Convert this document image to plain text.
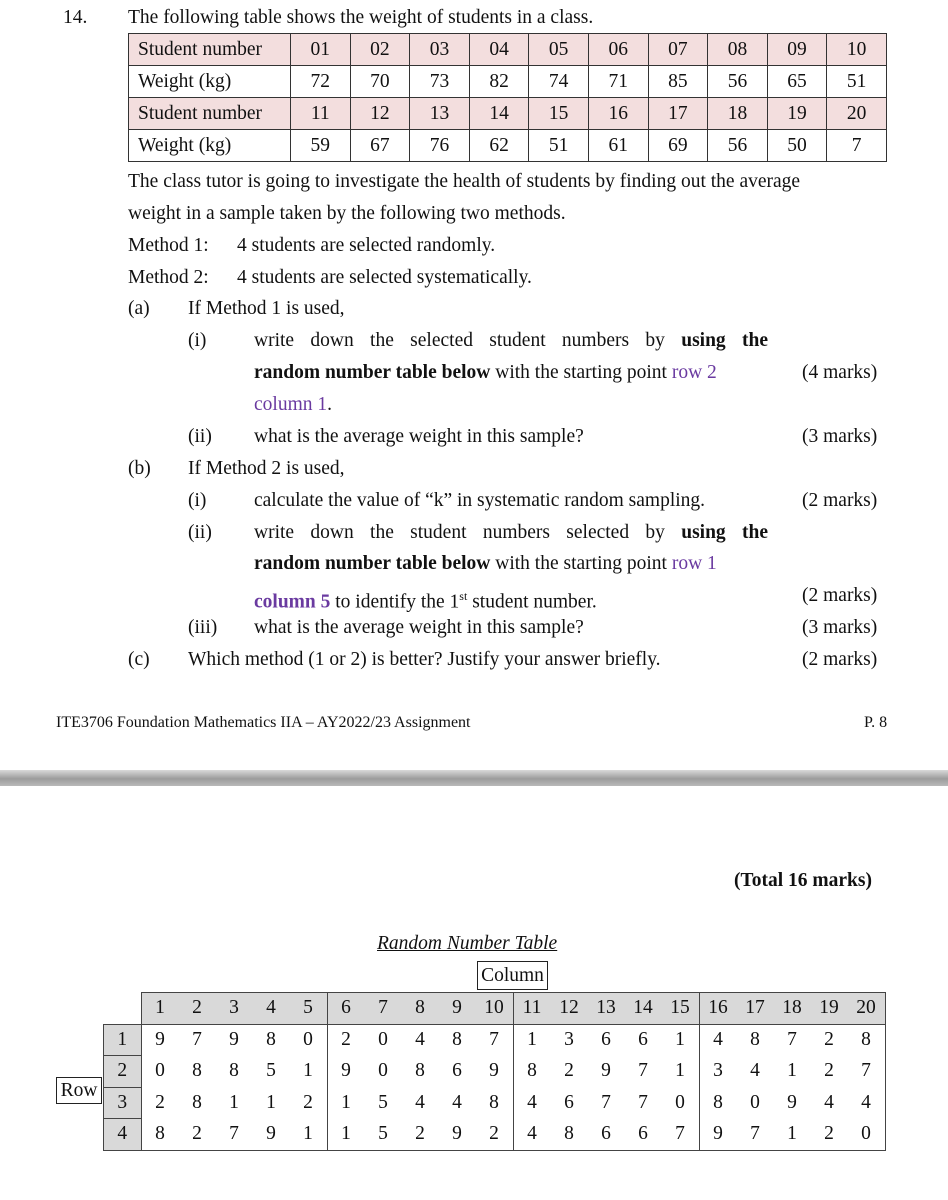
14. The following table shows the weight of students in a class.
Student number	01	02	03	04	05	06	07	08	09	10
Weight (kg)	72	70	73	82	74	71	85	56	65	51
Student number	11	12	13	14	15	16	17	18	19	20
Weight (kg)	59	67	76	62	51	61	69	56	50	7
The class tutor is going to investigate the health of students by finding out the average
weight in a sample taken by the following two methods.
Method 1: 4 students are selected randomly.
Method 2: 4 students are selected systematically.
(a) If Method 1 is used,
(i) write down the selected student numbers by using the
random number table below with the starting point row 2	(4 marks)
column 1.
(ii) what is the average weight in this sample?	(3 marks)
(b) If Method 2 is used,
(i) calculate the value of “k” in systematic random sampling.	(2 marks)
(ii) write down the student numbers selected by using the
random number table below with the starting point row 1
column 5 to identify the 1st student number.	(2 marks)
(iii) what is the average weight in this sample?	(3 marks)
(c) Which method (1 or 2) is better? Justify your answer briefly.	(2 marks)
ITE3706 Foundation Mathematics IIA – AY2022/23 Assignment	P. 8
(Total 16 marks)
Random Number Table
Column
Row
	1	2	3	4	5	6	7	8	9	10	11	12	13	14	15	16	17	18	19	20
1	9	7	9	8	0	2	0	4	8	7	1	3	6	6	1	4	8	7	2	8
2	0	8	8	5	1	9	0	8	6	9	8	2	9	7	1	3	4	1	2	7
3	2	8	1	1	2	1	5	4	4	8	4	6	7	7	0	8	0	9	4	4
4	8	2	7	9	1	1	5	2	9	2	4	8	6	6	7	9	7	1	2	0
